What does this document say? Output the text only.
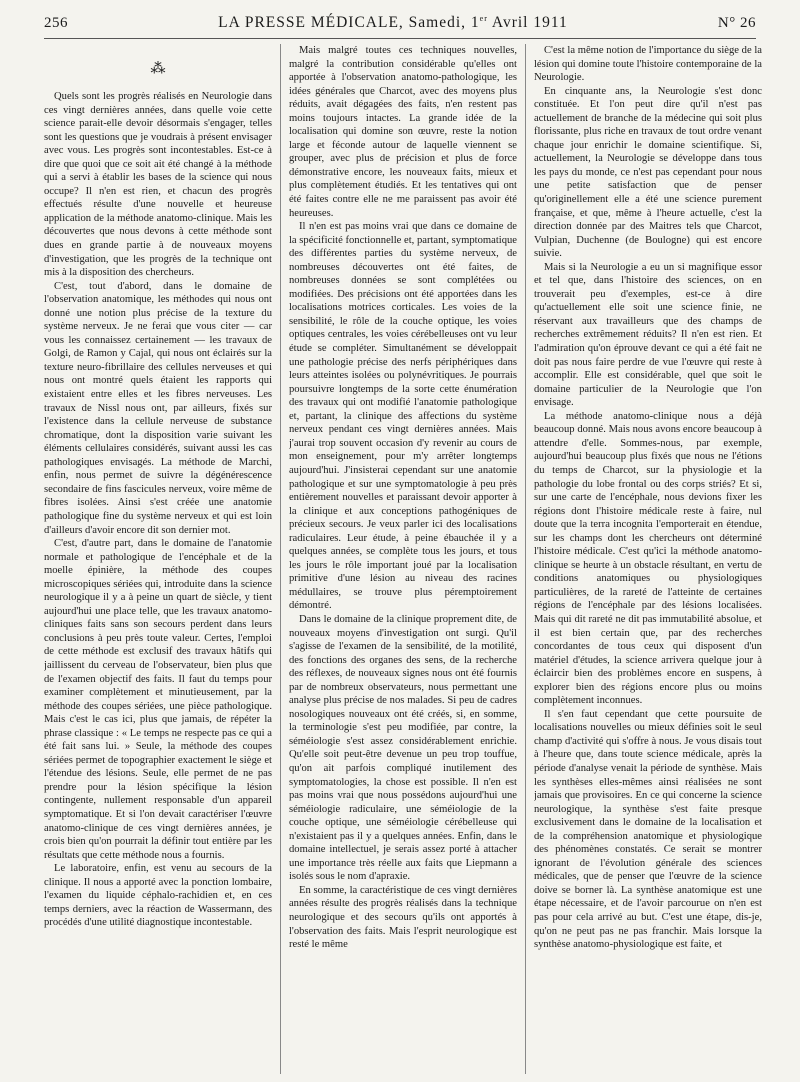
256	LA PRESSE MÉDICALE, Samedi, 1er Avril 1911	N° 26
⁂

Quels sont les progrès réalisés en Neurologie dans ces vingt dernières années, dans quelle voie cette science parait-elle devoir désormais s'engager, telles sont les questions que je voudrais à présent envisager avec vous. Les progrès sont incontestables. Est-ce à dire que quoi que ce soit ait été changé à la méthode qui a servi à établir les bases de la science qui nous occupe? Il n'en est rien, et chacun des progrès effectués résulte d'une nouvelle et heureuse application de la méthode anatomo-clinique. Mais les découvertes que nous devons à cette méthode sont dues en grande partie à de nouveaux moyens d'investigation, que les progrès de la technique ont mis à la disposition des chercheurs.

C'est, tout d'abord, dans le domaine de l'observation anatomique, les méthodes qui nous ont donné une notion plus précise de la texture du système nerveux. Je ne ferai que vous citer — car vous les connaissez certainement — les travaux de Golgi, de Ramon y Cajal, qui nous ont éclairés sur la texture neuro-fibrillaire des cellules nerveuses et qui nous ont montré quels étaient les rapports qui existaient entre elles et les fibres nerveuses. Les travaux de Nissl nous ont, par ailleurs, fixés sur l'existence dans la cellule nerveuse de substance chromatique, dont la disposition varie suivant les éléments cellulaires considérés, suivant aussi les cas pathologiques envisagés. La méthode de Marchi, enfin, nous permet de suivre la dégénérescence secondaire de fins fascicules nerveux, voire même de fibres isolées. Ainsi s'est créée une anatomie pathologique fine du système nerveux et qui est loin d'ailleurs d'avoir encore dit son dernier mot.

C'est, d'autre part, dans le domaine de l'anatomie normale et pathologique de l'encéphale et de la moelle épinière, la méthode des coupes microscopiques sériées qui, introduite dans la science neurologique il y a à peine un quart de siècle, y tient aujourd'hui une place telle, que les travaux anatomo-cliniques faits sans son secours perdent dans leurs conclusions à peu près toute valeur. Certes, l'emploi de cette méthode est exclusif des travaux hâtifs qui jaillissent du cerveau de l'observateur, bien plus que de l'examen objectif des faits. Il faut du temps pour examiner complètement et minutieusement, par la méthode des coupes sériées, une pièce pathologique. Mais c'est le cas ici, plus que jamais, de répéter la phrase classique : « Le temps ne respecte pas ce qui a été fait sans lui. » Seule, la méthode des coupes sériées permet de topographier exactement le siège et l'étendue des lésions. Seule, elle permet de ne pas prendre pour la lésion spécifique la lésion contingente, nullement responsable d'un appareil symptomatique. Et si l'on devait caractériser l'œuvre anatomo-clinique de ces vingt dernières années, je crois bien qu'on pourrait la définir tout entière par les résultats que cette méthode nous a fournis.

Le laboratoire, enfin, est venu au secours de la clinique. Il nous a apporté avec la ponction lombaire, l'examen du liquide céphalo-rachidien et, en ces temps derniers, avec la réaction de Wassermann, des procédés d'une utilité diagnostique incontestable.

Mais malgré toutes ces techniques nouvelles, malgré la contribution considérable qu'elles ont apportée à l'observation anatomo-pathologique, les idées générales que Charcot, avec des moyens plus réduits, avait dégagées des faits, n'en restent pas moins toujours intactes. La grande idée de la localisation qui domine son œuvre, reste la notion large et féconde autour de laquelle viennent se grouper, avec plus de précision et plus de force démonstrative encore, les nouveaux faits, mieux et plus complètement étudiés. Et les tentatives qui ont été faites contre elle ne me paraissent pas avoir été heureuses.

Il n'en est pas moins vrai que dans ce domaine de la spécificité fonctionnelle et, partant, symptomatique des différentes parties du système nerveux, de nombreuses découvertes ont été faites, de nombreuses données se sont complétées ou modifiées. Des précisions ont été apportées dans les localisations motrices corticales. Les voies de la sensibilité, le rôle de la couche optique, les voies optiques centrales, les voies cérébelleuses ont vu leur étude se compléter. Simultanément se développait une pathologie précise des nerfs périphériques dans leurs atteintes isolées ou polynévritiques. Je pourrais poursuivre longtemps de la sorte cette énumération des travaux qui ont modifié l'anatomie pathologique et, partant, la clinique des affections du système nerveux pendant ces vingt dernières années. Mais j'aurai trop souvent occasion d'y revenir au cours de mon enseignement, pour m'y arrêter longtemps aujourd'hui. J'insisterai cependant sur une anatomie pathologique et sur une symptomatologie à peu près entièrement nouvelles et paraissant devoir apporter à la clinique et aux conceptions pathogéniques de précieux secours. Je veux parler ici des localisations radiculaires. Leur étude, à peine ébauchée il y a quelques années, se complète tous les jours, et tous les jours le rôle important joué par la localisation primitive d'une lésion au niveau des racines médullaires, se trouve plus péremptoirement démontré.

Dans le domaine de la clinique proprement dite, de nouveaux moyens d'investigation ont surgi. Qu'il s'agisse de l'examen de la sensibilité, de la motilité, des fonctions des organes des sens, de la recherche des réflexes, de nouveaux signes nous ont été fournis par de nombreux observateurs, nous permettant une analyse plus précise de nos malades. Si peu de cadres nosologiques nouveaux ont été créés, si, en somme, la terminologie s'est peu modifiée, par contre, la séméiologie s'est assez considérablement enrichie. Qu'elle soit peut-être devenue un peu trop touffue, qu'on ait parfois compliqué inutilement des symptomatologies, la chose est possible. Il n'en est pas moins vrai que nous possédons aujourd'hui une séméiologie radiculaire, une séméiologie de la couche optique, une séméiologie cérébelleuse qui n'existaient pas il y a quelques années. Enfin, dans le domaine intellectuel, je serais assez porté à attacher une importance très réelle aux faits que Liepmann a isolés sous le nom d'apraxie.

En somme, la caractéristique de ces vingt dernières années résulte des progrès réalisés dans la technique neurologique et des secours qu'ils ont apportés à l'observation des faits. Mais l'esprit neurologique est resté le même

C'est la même notion de l'importance du siège de la lésion qui domine toute l'histoire contemporaine de la Neurologie.

En cinquante ans, la Neurologie s'est donc constituée. Et l'on peut dire qu'il n'est pas actuellement de branche de la médecine qui soit plus florissante, plus riche en travaux de tout ordre venant chaque jour enrichir le domaine scientifique. Si, actuellement, la Neurologie se développe dans tous les pays du monde, ce n'est pas cependant pour nous une petite satisfaction que de penser qu'originellement elle a été une science purement française, et que, même à l'heure actuelle, c'est la direction donnée par des Maitres tels que Charcot, Vulpian, Duchenne (de Boulogne) qui est encore suivie.

Mais si la Neurologie a eu un si magnifique essor et tel que, dans l'histoire des sciences, on en trouverait peu d'exemples, est-ce à dire qu'actuellement elle soit une science finie, ne réservant aux travailleurs que des champs de recherches extrêmement réduits? Il n'en est rien. Et l'admiration qu'on éprouve devant ce qui a été fait ne doit pas nous faire perdre de vue l'œuvre qui reste à accomplir. Elle est considérable, quel que soit le domaine particulier de la Neurologie que l'on envisage.

La méthode anatomo-clinique nous a déjà beaucoup donné. Mais nous avons encore beaucoup à attendre d'elle. Sommes-nous, par exemple, aujourd'hui beaucoup plus fixés que nous ne l'étions du temps de Charcot, sur la physiologie et la pathologie du lobe frontal ou des corps striés? Et si, sur une carte de l'encéphale, nous devions fixer les régions dont l'histoire médicale reste à faire, nul doute que la terra incognita l'emporterait en étendue, sur les champs dont les chercheurs ont déterminé l'histoire médicale. C'est qu'ici la méthode anatomo-clinique se heurte à un obstacle résultant, en vertu de conditions anatomiques ou physiologiques particulières, de la rareté de l'atteinte de certaines régions de l'encéphale par des lésions localisées. Mais qui dit rareté ne dit pas immutabilité absolue, et il est bien certain que, par des recherches concordantes de tous ceux qui disposent d'un matériel d'études, la science arrivera quelque jour à éclaircir bien des problèmes encore en suspens, à explorer bien des régions encore plus ou moins complètement inconnues.

Il s'en faut cependant que cette poursuite de localisations nouvelles ou mieux définies soit le seul champ d'activité qui s'offre à nous. Je vous disais tout à l'heure que, dans toute science médicale, après la période d'analyse venait la période de synthèse. Mais les synthèses elles-mêmes ainsi réalisées ne sont jamais que provisoires. En ce qui concerne la science neurologique, la synthèse s'est faite presque exclusivement dans le domaine de la localisation et de la compréhension anatomique et physiologique des phénomènes constatés. Ce serait se montrer ignorant de l'évolution générale des sciences médicales, que de penser que l'œuvre de la science doive se borner là. La synthèse anatomique est une étape nécessaire, et de l'avoir parcourue on n'en est pas pour cela arrivé au but. C'est une étape, dis-je, qu'on ne peut pas ne pas franchir. Mais lorsque la synthèse anatomo-physiologique est faite, et
